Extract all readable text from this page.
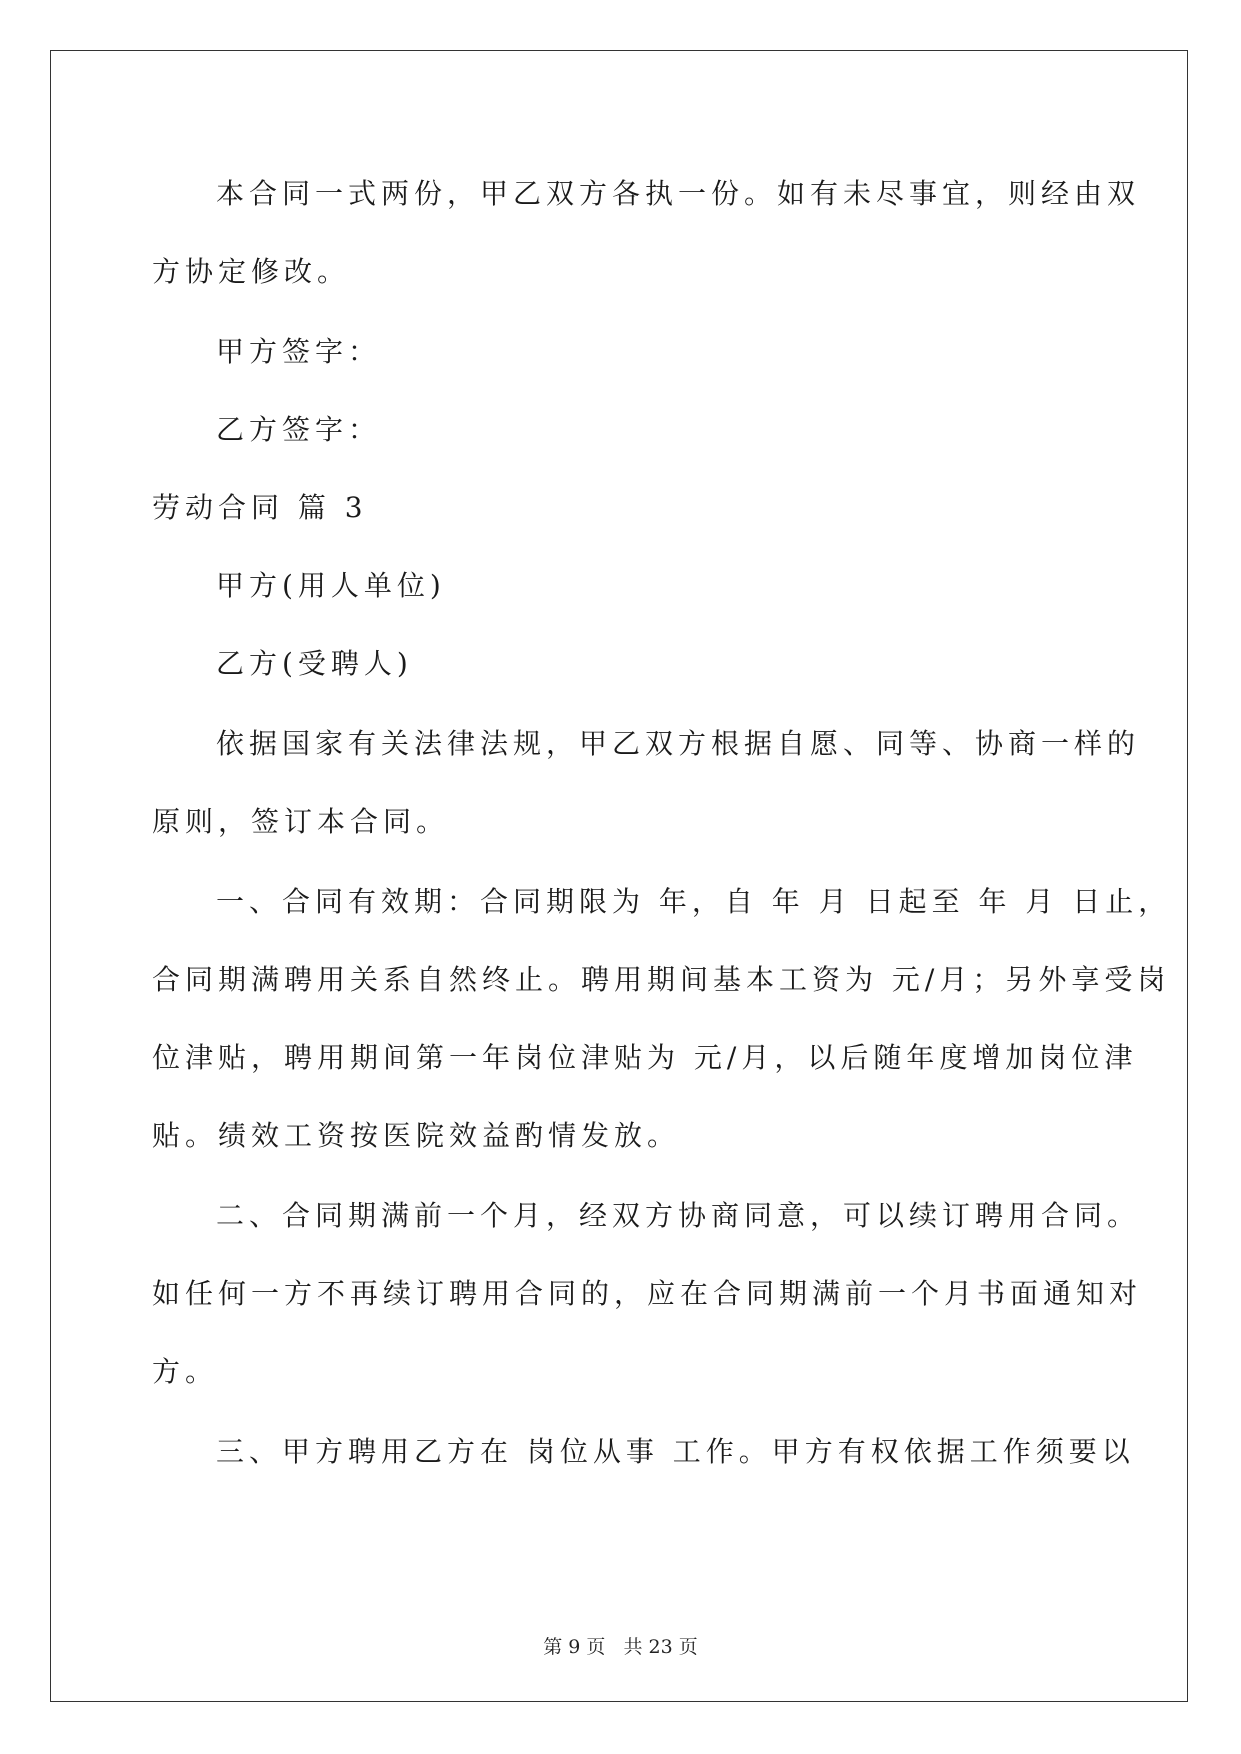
本合同一式两份，甲乙双方各执一份。如有未尽事宜，则经由双
方协定修改。
甲方签字：
乙方签字：
劳动合同 篇 3
甲方(用人单位)
乙方(受聘人)
依据国家有关法律法规，甲乙双方根据自愿、同等、协商一样的
原则，签订本合同。
一、合同有效期：合同期限为 年，自 年 月 日起至 年 月 日止，
合同期满聘用关系自然终止。聘用期间基本工资为 元/月；另外享受岗
位津贴，聘用期间第一年岗位津贴为 元/月，以后随年度增加岗位津
贴。绩效工资按医院效益酌情发放。
二、合同期满前一个月，经双方协商同意，可以续订聘用合同。
如任何一方不再续订聘用合同的，应在合同期满前一个月书面通知对
方。
三、甲方聘用乙方在 岗位从事 工作。甲方有权依据工作须要以
第 9 页 共 23 页
